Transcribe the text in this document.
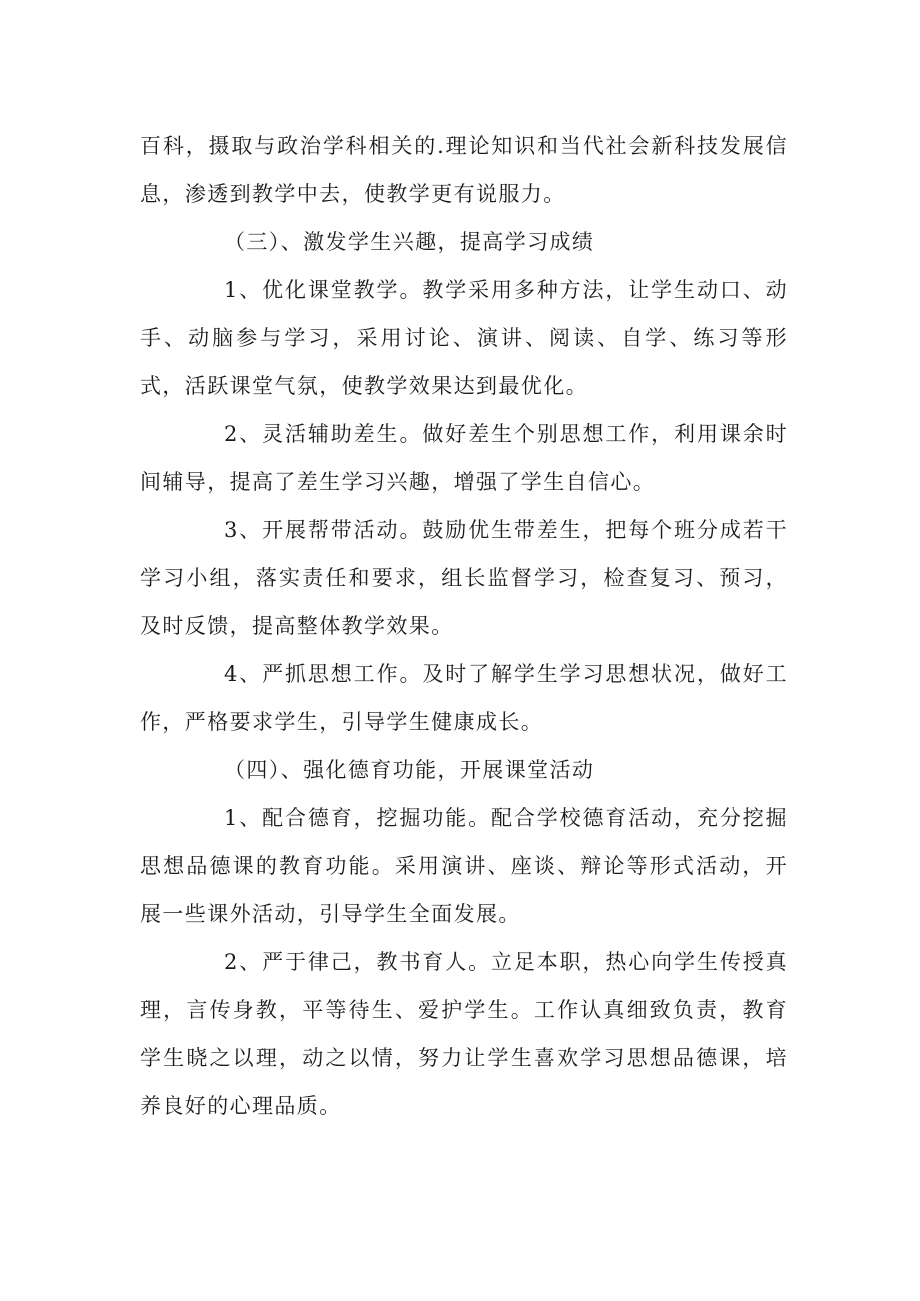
百科，摄取与政治学科相关的.理论知识和当代社会新科技发展信息，渗透到教学中去，使教学更有说服力。

（三）、激发学生兴趣，提高学习成绩

1、优化课堂教学。教学采用多种方法，让学生动口、动手、动脑参与学习，采用讨论、演讲、阅读、自学、练习等形式，活跃课堂气氛，使教学效果达到最优化。

2、灵活辅助差生。做好差生个别思想工作，利用课余时间辅导，提高了差生学习兴趣，增强了学生自信心。

3、开展帮带活动。鼓励优生带差生，把每个班分成若干学习小组，落实责任和要求，组长监督学习，检查复习、预习，及时反馈，提高整体教学效果。

4、严抓思想工作。及时了解学生学习思想状况，做好工作，严格要求学生，引导学生健康成长。

（四）、强化德育功能，开展课堂活动

1、配合德育，挖掘功能。配合学校德育活动，充分挖掘思想品德课的教育功能。采用演讲、座谈、辩论等形式活动，开展一些课外活动，引导学生全面发展。

2、严于律己，教书育人。立足本职，热心向学生传授真理，言传身教，平等待生、爱护学生。工作认真细致负责，教育学生晓之以理，动之以情，努力让学生喜欢学习思想品德课，培养良好的心理品质。
